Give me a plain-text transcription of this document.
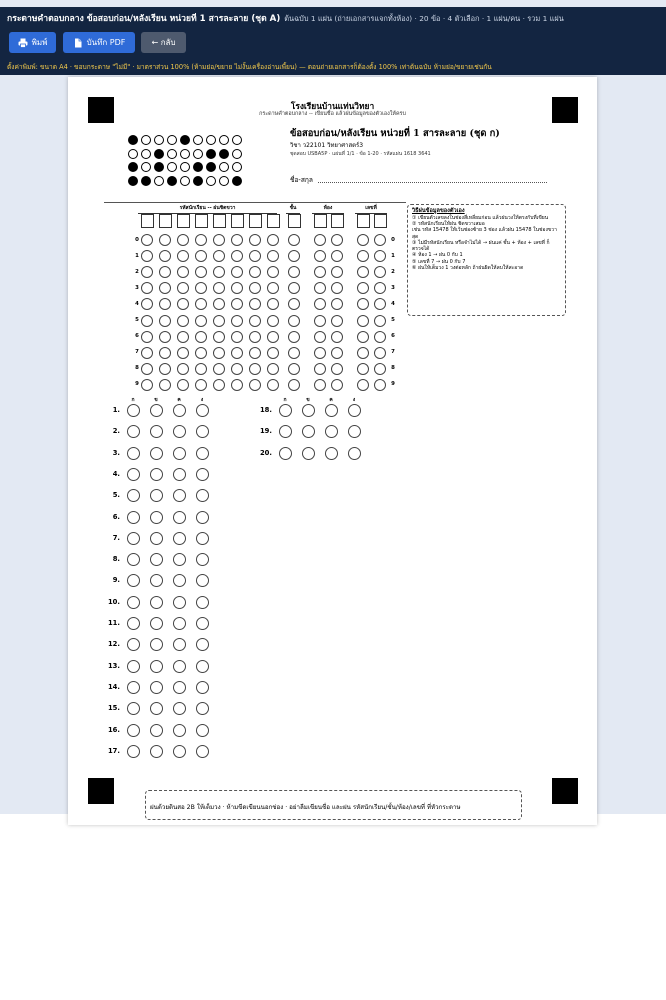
กระดาษคำตอบกลาง ข้อสอบก่อน/หลังเรียน หน่วยที่ 1 สารละลาย (ชุด A) ต้นฉบับ 1 แผ่น (ถ่ายเอกสารแจกทั้งห้อง) · 20 ข้อ · 4 ตัวเลือก · 1 แผ่น/คน · รวม 1 แผ่น
พิมพ์	บันทึก PDF	← กลับ
ตั้งค่าพิมพ์: ขนาด A4 · ขอบกระดาษ "ไม่มี" · มาตราส่วน 100% (ห้ามย่อ/ขยาย ไม่งั้นเครื่องอ่านเพี้ยน) — ตอนถ่ายเอกสารก็ต้องตั้ง 100% เท่าต้นฉบับ ห้ามย่อ/ขยายเช่นกัน
โรงเรียนบ้านแท่นวิทยา
กระดาษคำตอบกลาง -- เขียนชื่อ แล้วฝนข้อมูลของตัวเองให้ครบ
ข้อสอบก่อน/หลังเรียน หน่วยที่ 1 สารละลาย (ชุด ก)
วิชา ว22101 วิทยาศาสตร์3
ชุดสอบ USBA5P · แผ่นที่ 1/1 · ข้อ 1-20 · รหัสแผ่น 1618 3641
ชื่อ-สกุล
รหัสนักเรียน -- ฝนชิดขวา	ชั้น	ห้อง	เลขที่
0	0
1	1
2	2
3	3
4	4
5	5
6	6
7	7
8	8
9	9
วิธีฝนข้อมูลของตัวเอง
① เขียนตัวเลขลงในช่องสี่เหลี่ยมก่อน แล้วฝนวงให้ตรงกับที่เขียน
② รหัสนักเรียนให้ฝน ชิดขวาเสมอ
เช่น รหัส 15478 ให้เว้นช่องซ้าย 3 ช่อง แล้วฝน 15478 ในช่องขวาสุด
③ ไม่มีรหัสนักเรียน หรือจำไม่ได้ → ฝนแค่ ชั้น + ห้อง + เลขที่ ก็ตรวจได้
④ ห้อง 1 → ฝน 0 กับ 1
⑤ เลขที่ 7 → ฝน 0 กับ 7
⑥ ฝนให้เต็มวง 1 วงต่อหลัก ถ้าฝนผิดให้ลบให้สะอาด
ก	ข	ค	ง
1.
2.
3.
4.
5.
6.
7.
8.
9.
10.
11.
12.
13.
14.
15.
16.
17.
ก	ข	ค	ง
18.
19.
20.
ฝนด้วยดินสอ 2B ให้เต็มวง · ห้ามขีดเขียนนอกช่อง · อย่าลืมเขียนชื่อ และฝน รหัสนักเรียน/ชั้น/ห้อง/เลขที่ ที่หัวกระดาษ
